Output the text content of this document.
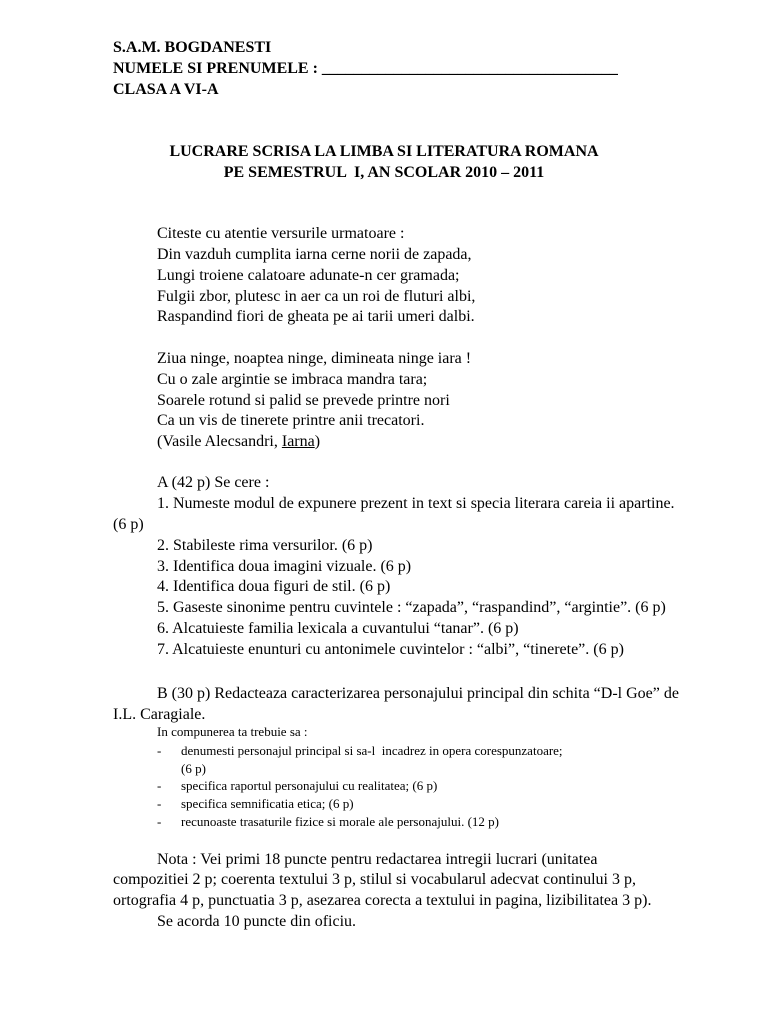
S.A.M. BOGDANESTI
NUMELE SI PRENUMELE : _____________________________________
CLASA A VI-A
LUCRARE SCRISA LA LIMBA SI LITERATURA ROMANA
PE SEMESTRUL  I, AN SCOLAR 2010 – 2011
Citeste cu atentie versurile urmatoare :
Din vazduh cumplita iarna cerne norii de zapada,
Lungi troiene calatoare adunate-n cer gramada;
Fulgii zbor, plutesc in aer ca un roi de fluturi albi,
Raspandind fiori de gheata pe ai tarii umeri dalbi.
Ziua ninge, noaptea ninge, dimineata ninge iara !
Cu o zale argintie se imbraca mandra tara;
Soarele rotund si palid se prevede printre nori
Ca un vis de tinerete printre anii trecatori.
(Vasile Alecsandri, Iarna)
A (42 p) Se cere :
1. Numeste modul de expunere prezent in text si specia literara careia ii apartine.
(6 p)
2. Stabileste rima versurilor. (6 p)
3. Identifica doua imagini vizuale. (6 p)
4. Identifica doua figuri de stil. (6 p)
5. Gaseste sinonime pentru cuvintele : “zapada”, “raspandind”, “argintie”. (6 p)
6. Alcatuieste familia lexicala a cuvantului “tanar”. (6 p)
7. Alcatuieste enunturi cu antonimele cuvintelor : “albi”, “tinerete”. (6 p)
B (30 p) Redacteaza caracterizarea personajului principal din schita “D-l Goe” de
I.L. Caragiale.
In compunerea ta trebuie sa :
- denumesti personajul principal si sa-l  incadrez in opera corespunzatoare;
(6 p)
- specifica raportul personajului cu realitatea; (6 p)
- specifica semnificatia etica; (6 p)
- recunoaste trasaturile fizice si morale ale personajului. (12 p)
Nota : Vei primi 18 puncte pentru redactarea intregii lucrari (unitatea
compozitiei 2 p; coerenta textului 3 p, stilul si vocabularul adecvat continului 3 p,
ortografia 4 p, punctuatia 3 p, asezarea corecta a textului in pagina, lizibilitatea 3 p).
Se acorda 10 puncte din oficiu.
